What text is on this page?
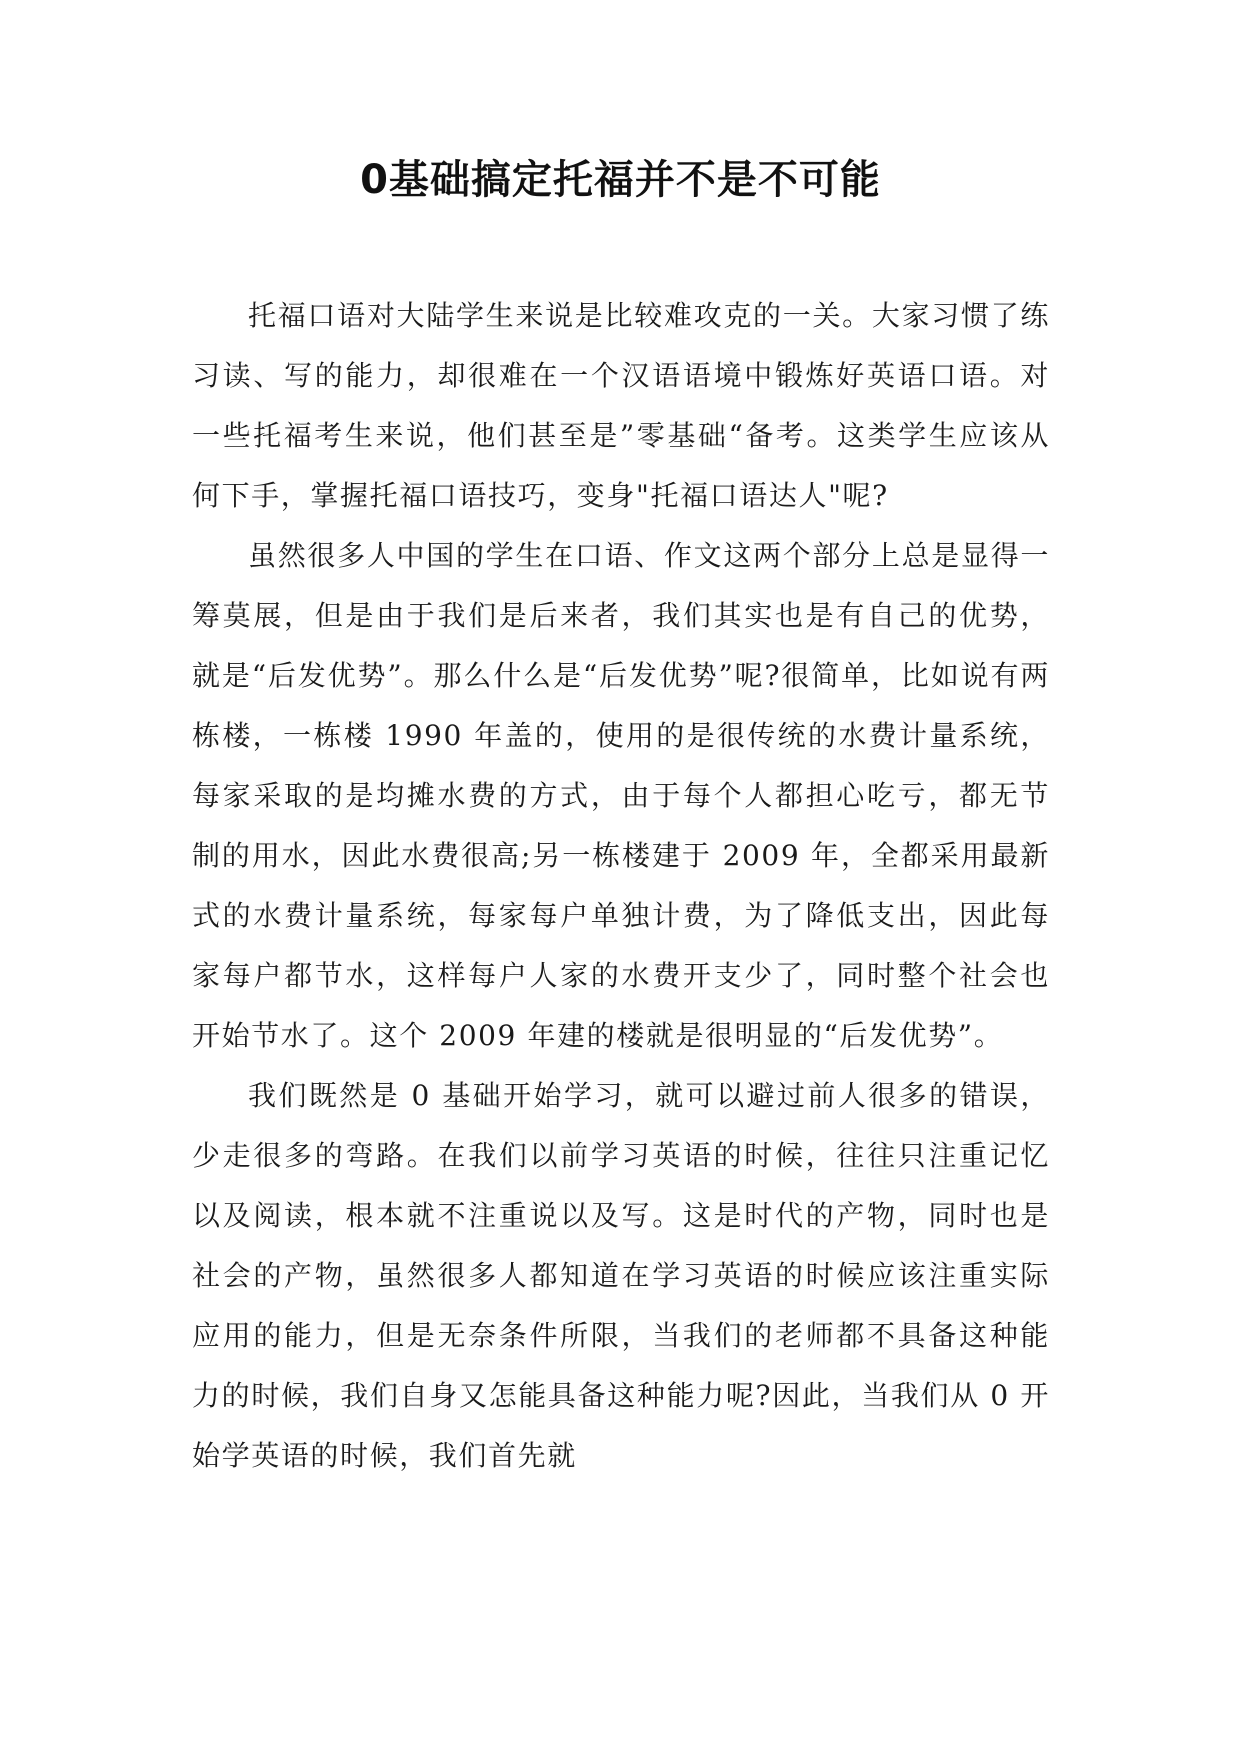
0基础搞定托福并不是不可能

托福口语对大陆学生来说是比较难攻克的一关。大家习惯了练习读、写的能力，却很难在一个汉语语境中锻炼好英语口语。对一些托福考生来说，他们甚至是”零基础“备考。这类学生应该从何下手，掌握托福口语技巧，变身"托福口语达人"呢?

虽然很多人中国的学生在口语、作文这两个部分上总是显得一筹莫展，但是由于我们是后来者，我们其实也是有自己的优势，就是“后发优势”。那么什么是“后发优势”呢?很简单，比如说有两栋楼，一栋楼 1990 年盖的，使用的是很传统的水费计量系统，每家采取的是均摊水费的方式，由于每个人都担心吃亏，都无节制的用水，因此水费很高;另一栋楼建于 2009 年，全都采用最新式的水费计量系统，每家每户单独计费，为了降低支出，因此每家每户都节水，这样每户人家的水费开支少了，同时整个社会也开始节水了。这个 2009 年建的楼就是很明显的“后发优势”。

我们既然是 0 基础开始学习，就可以避过前人很多的错误，少走很多的弯路。在我们以前学习英语的时候，往往只注重记忆以及阅读，根本就不注重说以及写。这是时代的产物，同时也是社会的产物，虽然很多人都知道在学习英语的时候应该注重实际应用的能力，但是无奈条件所限，当我们的老师都不具备这种能力的时候，我们自身又怎能具备这种能力呢?因此，当我们从 0 开始学英语的时候，我们首先就
